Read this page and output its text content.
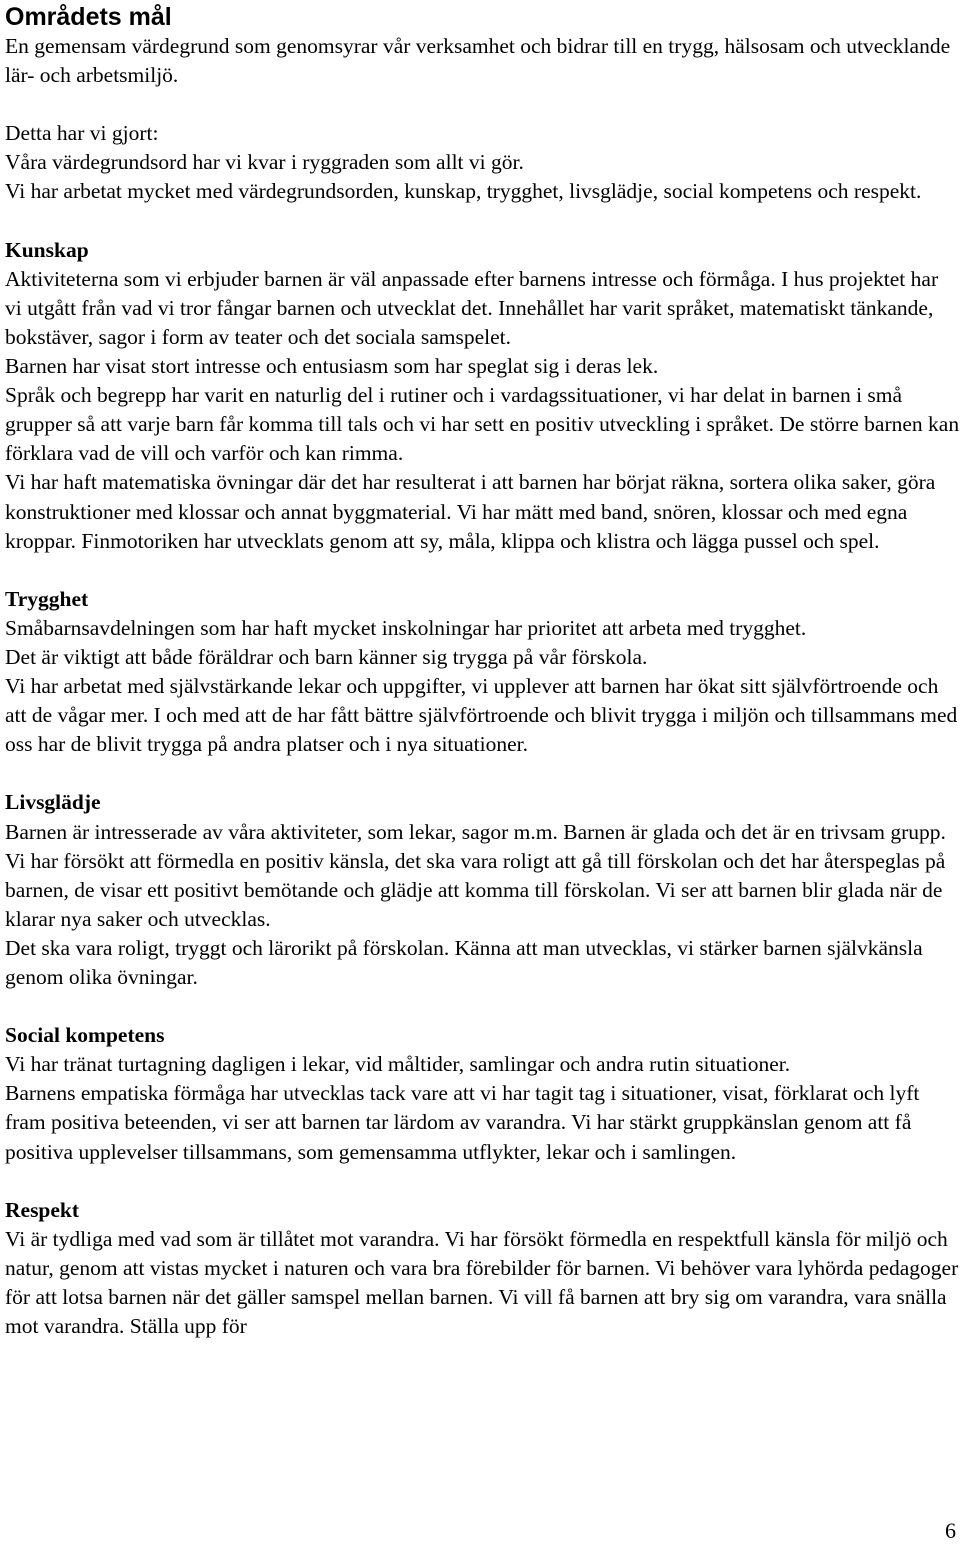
Områdets mål

En gemensam värdegrund som genomsyrar vår verksamhet och bidrar till en trygg, hälsosam och utvecklande lär- och arbetsmiljö.

Detta har vi gjort:

Våra värdegrundsord har vi kvar i ryggraden som allt vi gör.

Vi har arbetat mycket med värdegrundsorden, kunskap, trygghet, livsglädje, social kompetens och respekt.

Kunskap

Aktiviteterna som vi erbjuder barnen är väl anpassade efter barnens intresse och förmåga. I hus projektet har vi utgått från vad vi tror fångar barnen och utvecklat det. Innehållet har varit språket, matematiskt tänkande, bokstäver, sagor i form av teater och det sociala samspelet.

Barnen har visat stort intresse och entusiasm som har speglat sig i deras lek.

Språk och begrepp har varit en naturlig del i rutiner och i vardagssituationer, vi har delat in barnen i små grupper så att varje barn får komma till tals och vi har sett en positiv utveckling i språket. De större barnen kan förklara vad de vill och varför och kan rimma.

Vi har haft matematiska övningar där det har resulterat i att barnen har börjat räkna, sortera olika saker, göra konstruktioner med klossar och annat byggmaterial. Vi har mätt med band, snören, klossar och med egna kroppar. Finmotoriken har utvecklats genom att sy, måla, klippa och klistra och lägga pussel och spel.

Trygghet

Småbarnsavdelningen som har haft mycket inskolningar har prioritet att arbeta med trygghet.

Det är viktigt att både föräldrar och barn känner sig trygga på vår förskola.

Vi har arbetat med självstärkande lekar och uppgifter, vi upplever att barnen har ökat sitt självförtroende och att de vågar mer. I och med att de har fått bättre självförtroende och blivit trygga i miljön och tillsammans med oss har de blivit trygga på andra platser och i nya situationer.

Livsglädje

Barnen är intresserade av våra aktiviteter, som lekar, sagor m.m. Barnen är glada och det är en trivsam grupp. Vi har försökt att förmedla en positiv känsla, det ska vara roligt att gå till förskolan och det har återspeglas på barnen, de visar ett positivt bemötande och glädje att komma till förskolan. Vi ser att barnen blir glada när de klarar nya saker och utvecklas.

Det ska vara roligt, tryggt och lärorikt på förskolan. Känna att man utvecklas, vi stärker barnen självkänsla genom olika övningar.

Social kompetens

Vi har tränat turtagning dagligen i lekar, vid måltider, samlingar och andra rutin situationer.

Barnens empatiska förmåga har utvecklas tack vare att vi har tagit tag i situationer, visat, förklarat och lyft fram positiva beteenden, vi ser att barnen tar lärdom av varandra. Vi har stärkt gruppkänslan genom att få positiva upplevelser tillsammans, som gemensamma utflykter, lekar och i samlingen.

Respekt

Vi är tydliga med vad som är tillåtet mot varandra. Vi har försökt förmedla en respektfull känsla för miljö och natur, genom att vistas mycket i naturen och vara bra förebilder för barnen. Vi behöver vara lyhörda pedagoger för att lotsa barnen när det gäller samspel mellan barnen. Vi vill få barnen att bry sig om varandra, vara snälla mot varandra. Ställa upp för

6
